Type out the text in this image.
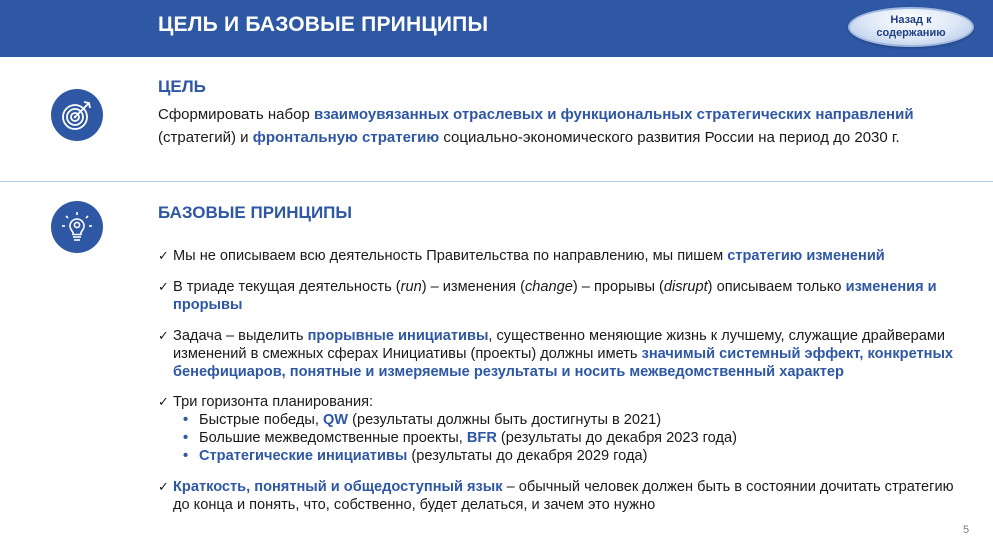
ЦЕЛЬ И БАЗОВЫЕ ПРИНЦИПЫ	Назад к
содержанию
ЦЕЛЬ
Сформировать набор взаимоувязанных отраслевых и функциональных стратегических направлений (стратегий) и фронтальную стратегию социально-экономического развития России на период до 2030 г.
БАЗОВЫЕ ПРИНЦИПЫ
✓ Мы не описываем всю деятельность Правительства по направлению, мы пишем стратегию изменений
✓ В триаде текущая деятельность (run) – изменения (change) – прорывы (disrupt) описываем только изменения и прорывы
✓ Задача – выделить прорывные инициативы, существенно меняющие жизнь к лучшему, служащие драйверами изменений в смежных сферах Инициативы (проекты) должны иметь значимый системный эффект, конкретных бенефициаров, понятные и измеряемые результаты и носить межведомственный характер
✓ Три горизонта планирования:
• Быстрые победы, QW (результаты должны быть достигнуты в 2021)
• Большие межведомственные проекты, BFR (результаты до декабря 2023 года)
• Стратегические инициативы (результаты до декабря 2029 года)
✓ Краткость, понятный и общедоступный язык – обычный человек должен быть в состоянии дочитать стратегию до конца и понять, что, собственно, будет делаться, и зачем это нужно
5
